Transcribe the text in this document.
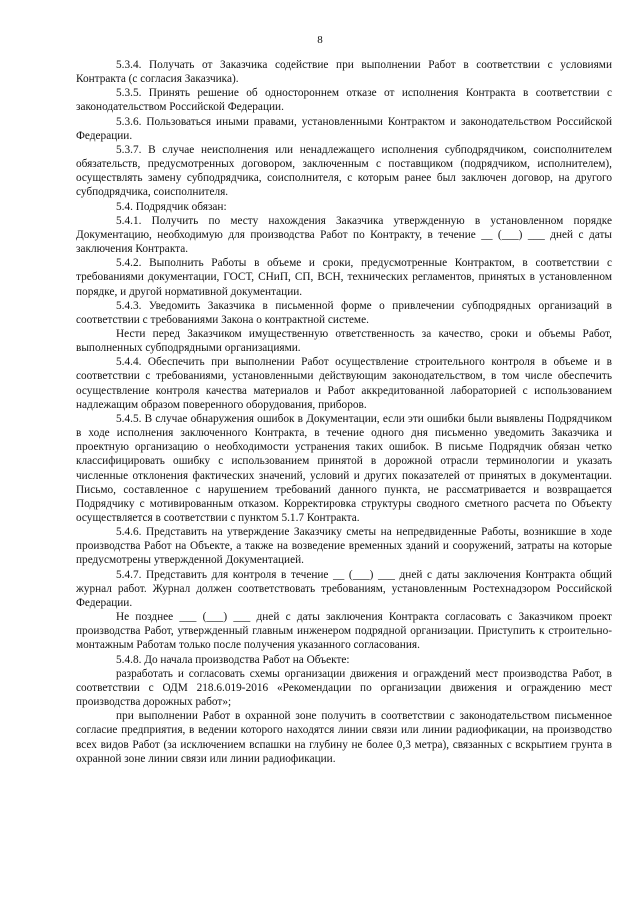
8

5.3.4. Получать от Заказчика содействие при выполнении Работ в соответствии с условиями Контракта (с согласия Заказчика).

5.3.5. Принять решение об одностороннем отказе от исполнения Контракта в соответствии с законодательством Российской Федерации.

5.3.6. Пользоваться иными правами, установленными Контрактом и законодательством Российской Федерации.

5.3.7. В случае неисполнения или ненадлежащего исполнения субподрядчиком, соисполнителем обязательств, предусмотренных договором, заключенным с поставщиком (подрядчиком, исполнителем), осуществлять замену субподрядчика, соисполнителя, с которым ранее был заключен договор, на другого субподрядчика, соисполнителя.

5.4. Подрядчик обязан:

5.4.1. Получить по месту нахождения Заказчика утвержденную в установленном порядке Документацию, необходимую для производства Работ по Контракту, в течение __ (___) ___ дней с даты заключения Контракта.

5.4.2. Выполнить Работы в объеме и сроки, предусмотренные Контрактом, в соответствии с требованиями документации, ГОСТ, СНиП, СП, ВСН, технических регламентов, принятых в установленном порядке, и другой нормативной документации.

5.4.3. Уведомить Заказчика в письменной форме о привлечении субподрядных организаций в соответствии с требованиями Закона о контрактной системе.

Нести перед Заказчиком имущественную ответственность за качество, сроки и объемы Работ, выполненных субподрядными организациями.

5.4.4. Обеспечить при выполнении Работ осуществление строительного контроля в объеме и в соответствии с требованиями, установленными действующим законодательством, в том числе обеспечить осуществление контроля качества материалов и Работ аккредитованной лабораторией с использованием надлежащим образом поверенного оборудования, приборов.

5.4.5. В случае обнаружения ошибок в Документации, если эти ошибки были выявлены Подрядчиком в ходе исполнения заключенного Контракта, в течение одного дня письменно уведомить Заказчика и проектную организацию о необходимости устранения таких ошибок. В письме Подрядчик обязан четко классифицировать ошибку с использованием принятой в дорожной отрасли терминологии и указать численные отклонения фактических значений, условий и других показателей от принятых в документации. Письмо, составленное с нарушением требований данного пункта, не рассматривается и возвращается Подрядчику с мотивированным отказом. Корректировка структуры сводного сметного расчета по Объекту осуществляется в соответствии с пунктом 5.1.7 Контракта.

5.4.6. Представить на утверждение Заказчику сметы на непредвиденные Работы, возникшие в ходе производства Работ на Объекте, а также на возведение временных зданий и сооружений, затраты на которые предусмотрены утвержденной Документацией.

5.4.7. Представить для контроля в течение __ (___) ___ дней с даты заключения Контракта общий журнал работ. Журнал должен соответствовать требованиям, установленным Ростехнадзором Российской Федерации.

Не позднее ___ (___) ___ дней с даты заключения Контракта согласовать с Заказчиком проект производства Работ, утвержденный главным инженером подрядной организации. Приступить к строительно-монтажным Работам только после получения указанного согласования.

5.4.8. До начала производства Работ на Объекте:

разработать и согласовать схемы организации движения и ограждений мест производства Работ, в соответствии с ОДМ 218.6.019-2016 «Рекомендации по организации движения и ограждению мест производства дорожных работ»;

при выполнении Работ в охранной зоне получить в соответствии с законодательством письменное согласие предприятия, в ведении которого находятся линии связи или линии радиофикации, на производство всех видов Работ (за исключением вспашки на глубину не более 0,3 метра), связанных с вскрытием грунта в охранной зоне линии связи или линии радиофикации.
